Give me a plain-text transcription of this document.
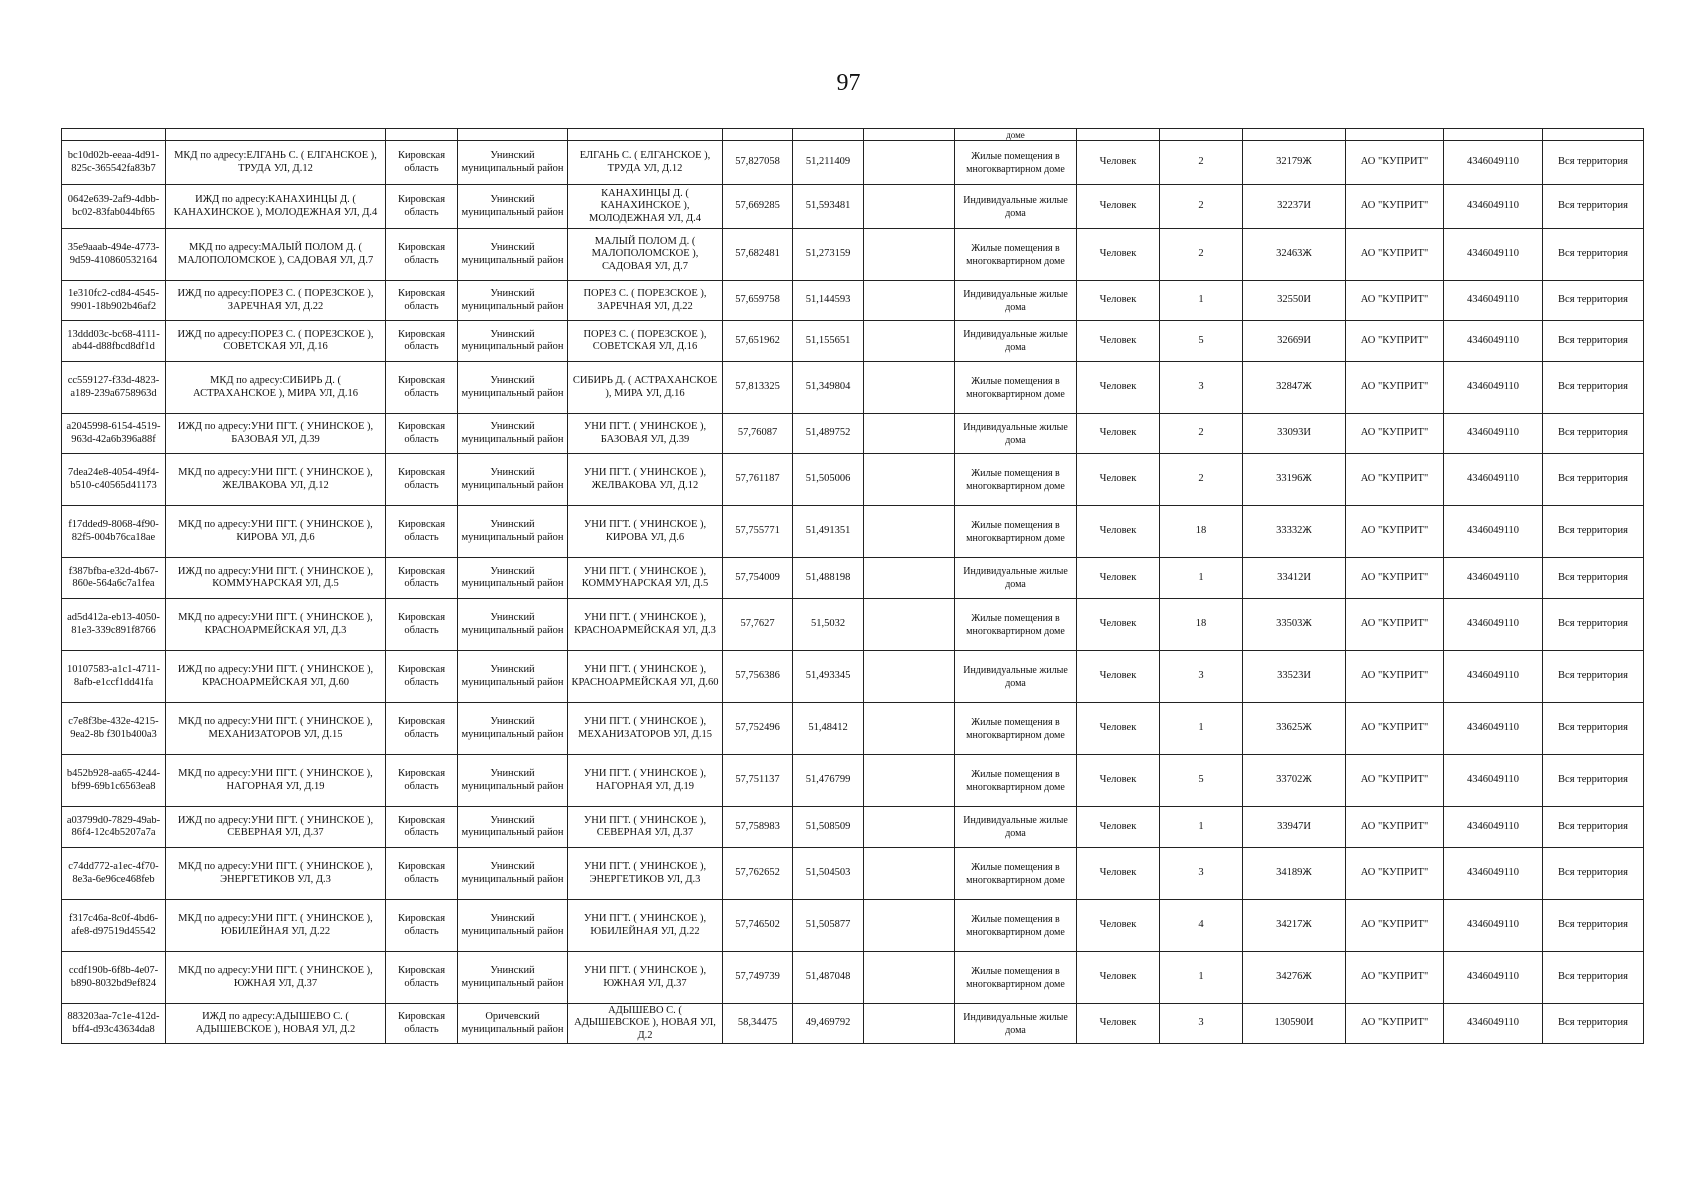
97
								доме						
bc10d02b-eeaa-4d91-825c-365542fa83b7	МКД по адресу:ЕЛГАНЬ С. ( ЕЛГАНСКОЕ ), ТРУДА УЛ, Д.12	Кировская область	Унинский муниципальный район	ЕЛГАНЬ С. ( ЕЛГАНСКОЕ ), ТРУДА УЛ, Д.12	57,827058	51,211409		Жилые помещения в многоквартирном доме	Человек	2	32179Ж	АО "КУПРИТ"	4346049110	Вся территория
0642e639-2af9-4dbb-bc02-83fab044bf65	ИЖД по адресу:КАНАХИНЦЫ Д. ( КАНАХИНСКОЕ ), МОЛОДЕЖНАЯ УЛ, Д.4	Кировская область	Унинский муниципальный район	КАНАХИНЦЫ Д. ( КАНАХИНСКОЕ ), МОЛОДЕЖНАЯ УЛ, Д.4	57,669285	51,593481		Индивидуальные жилые дома	Человек	2	32237И	АО "КУПРИТ"	4346049110	Вся территория
35e9aaab-494e-4773-9d59-410860532164	МКД по адресу:МАЛЫЙ ПОЛОМ Д. ( МАЛОПОЛОМСКОЕ ), САДОВАЯ УЛ, Д.7	Кировская область	Унинский муниципальный район	МАЛЫЙ ПОЛОМ Д. ( МАЛОПОЛОМСКОЕ ), САДОВАЯ УЛ, Д.7	57,682481	51,273159		Жилые помещения в многоквартирном доме	Человек	2	32463Ж	АО "КУПРИТ"	4346049110	Вся территория
1e310fc2-cd84-4545-9901-18b902b46af2	ИЖД по адресу:ПОРЕЗ С. ( ПОРЕЗСКОЕ ), ЗАРЕЧНАЯ УЛ, Д.22	Кировская область	Унинский муниципальный район	ПОРЕЗ С. ( ПОРЕЗСКОЕ ), ЗАРЕЧНАЯ УЛ, Д.22	57,659758	51,144593		Индивидуальные жилые дома	Человек	1	32550И	АО "КУПРИТ"	4346049110	Вся территория
13ddd03c-bc68-4111-ab44-d88fbcd8df1d	ИЖД по адресу:ПОРЕЗ С. ( ПОРЕЗСКОЕ ), СОВЕТСКАЯ УЛ, Д.16	Кировская область	Унинский муниципальный район	ПОРЕЗ С. ( ПОРЕЗСКОЕ ), СОВЕТСКАЯ УЛ, Д.16	57,651962	51,155651		Индивидуальные жилые дома	Человек	5	32669И	АО "КУПРИТ"	4346049110	Вся территория
cc559127-f33d-4823-a189-239a6758963d	МКД по адресу:СИБИРЬ Д. ( АСТРАХАНСКОЕ ), МИРА УЛ, Д.16	Кировская область	Унинский муниципальный район	СИБИРЬ Д. ( АСТРАХАНСКОЕ ), МИРА УЛ, Д.16	57,813325	51,349804		Жилые помещения в многоквартирном доме	Человек	3	32847Ж	АО "КУПРИТ"	4346049110	Вся территория
a2045998-6154-4519-963d-42a6b396a88f	ИЖД по адресу:УНИ ПГТ. ( УНИНСКОЕ ), БАЗОВАЯ УЛ, Д.39	Кировская область	Унинский муниципальный район	УНИ ПГТ. ( УНИНСКОЕ ), БАЗОВАЯ УЛ, Д.39	57,76087	51,489752		Индивидуальные жилые дома	Человек	2	33093И	АО "КУПРИТ"	4346049110	Вся территория
7dea24e8-4054-49f4-b510-c40565d41173	МКД по адресу:УНИ ПГТ. ( УНИНСКОЕ ), ЖЕЛВАКОВА УЛ, Д.12	Кировская область	Унинский муниципальный район	УНИ ПГТ. ( УНИНСКОЕ ), ЖЕЛВАКОВА УЛ, Д.12	57,761187	51,505006		Жилые помещения в многоквартирном доме	Человек	2	33196Ж	АО "КУПРИТ"	4346049110	Вся территория
f17dded9-8068-4f90-82f5-004b76ca18ae	МКД по адресу:УНИ ПГТ. ( УНИНСКОЕ ), КИРОВА УЛ, Д.6	Кировская область	Унинский муниципальный район	УНИ ПГТ. ( УНИНСКОЕ ), КИРОВА УЛ, Д.6	57,755771	51,491351		Жилые помещения в многоквартирном доме	Человек	18	33332Ж	АО "КУПРИТ"	4346049110	Вся территория
f387bfba-e32d-4b67-860e-564a6c7a1fea	ИЖД по адресу:УНИ ПГТ. ( УНИНСКОЕ ), КОММУНАРСКАЯ УЛ, Д.5	Кировская область	Унинский муниципальный район	УНИ ПГТ. ( УНИНСКОЕ ), КОММУНАРСКАЯ УЛ, Д.5	57,754009	51,488198		Индивидуальные жилые дома	Человек	1	33412И	АО "КУПРИТ"	4346049110	Вся территория
ad5d412a-eb13-4050-81e3-339c891f8766	МКД по адресу:УНИ ПГТ. ( УНИНСКОЕ ), КРАСНОАРМЕЙСКАЯ УЛ, Д.3	Кировская область	Унинский муниципальный район	УНИ ПГТ. ( УНИНСКОЕ ), КРАСНОАРМЕЙСКАЯ УЛ, Д.3	57,7627	51,5032		Жилые помещения в многоквартирном доме	Человек	18	33503Ж	АО "КУПРИТ"	4346049110	Вся территория
10107583-a1c1-4711-8afb-e1ccf1dd41fa	ИЖД по адресу:УНИ ПГТ. ( УНИНСКОЕ ), КРАСНОАРМЕЙСКАЯ УЛ, Д.60	Кировская область	Унинский муниципальный район	УНИ ПГТ. ( УНИНСКОЕ ), КРАСНОАРМЕЙСКАЯ УЛ, Д.60	57,756386	51,493345		Индивидуальные жилые дома	Человек	3	33523И	АО "КУПРИТ"	4346049110	Вся территория
c7e8f3be-432e-4215-9ea2-8b f301b400a3	МКД по адресу:УНИ ПГТ. ( УНИНСКОЕ ), МЕХАНИЗАТОРОВ УЛ, Д.15	Кировская область	Унинский муниципальный район	УНИ ПГТ. ( УНИНСКОЕ ), МЕХАНИЗАТОРОВ УЛ, Д.15	57,752496	51,48412		Жилые помещения в многоквартирном доме	Человек	1	33625Ж	АО "КУПРИТ"	4346049110	Вся территория
b452b928-aa65-4244-bf99-69b1c6563ea8	МКД по адресу:УНИ ПГТ. ( УНИНСКОЕ ), НАГОРНАЯ УЛ, Д.19	Кировская область	Унинский муниципальный район	УНИ ПГТ. ( УНИНСКОЕ ), НАГОРНАЯ УЛ, Д.19	57,751137	51,476799		Жилые помещения в многоквартирном доме	Человек	5	33702Ж	АО "КУПРИТ"	4346049110	Вся территория
a03799d0-7829-49ab-86f4-12c4b5207a7a	ИЖД по адресу:УНИ ПГТ. ( УНИНСКОЕ ), СЕВЕРНАЯ УЛ, Д.37	Кировская область	Унинский муниципальный район	УНИ ПГТ. ( УНИНСКОЕ ), СЕВЕРНАЯ УЛ, Д.37	57,758983	51,508509		Индивидуальные жилые дома	Человек	1	33947И	АО "КУПРИТ"	4346049110	Вся территория
c74dd772-a1ec-4f70-8e3a-6e96ce468feb	МКД по адресу:УНИ ПГТ. ( УНИНСКОЕ ), ЭНЕРГЕТИКОВ УЛ, Д.3	Кировская область	Унинский муниципальный район	УНИ ПГТ. ( УНИНСКОЕ ), ЭНЕРГЕТИКОВ УЛ, Д.3	57,762652	51,504503		Жилые помещения в многоквартирном доме	Человек	3	34189Ж	АО "КУПРИТ"	4346049110	Вся территория
f317c46a-8c0f-4bd6-afe8-d97519d45542	МКД по адресу:УНИ ПГТ. ( УНИНСКОЕ ), ЮБИЛЕЙНАЯ УЛ, Д.22	Кировская область	Унинский муниципальный район	УНИ ПГТ. ( УНИНСКОЕ ), ЮБИЛЕЙНАЯ УЛ, Д.22	57,746502	51,505877		Жилые помещения в многоквартирном доме	Человек	4	34217Ж	АО "КУПРИТ"	4346049110	Вся территория
ccdf190b-6f8b-4e07-b890-8032bd9ef824	МКД по адресу:УНИ ПГТ. ( УНИНСКОЕ ), ЮЖНАЯ УЛ, Д.37	Кировская область	Унинский муниципальный район	УНИ ПГТ. ( УНИНСКОЕ ), ЮЖНАЯ УЛ, Д.37	57,749739	51,487048		Жилые помещения в многоквартирном доме	Человек	1	34276Ж	АО "КУПРИТ"	4346049110	Вся территория
883203aa-7c1e-412d-bff4-d93c43634da8	ИЖД по адресу:АДЫШЕВО С. ( АДЫШЕВСКОЕ ), НОВАЯ УЛ, Д.2	Кировская область	Оричевский муниципальный район	АДЫШЕВО С. ( АДЫШЕВСКОЕ ), НОВАЯ УЛ, Д.2	58,34475	49,469792		Индивидуальные жилые дома	Человек	3	130590И	АО "КУПРИТ"	4346049110	Вся территория
